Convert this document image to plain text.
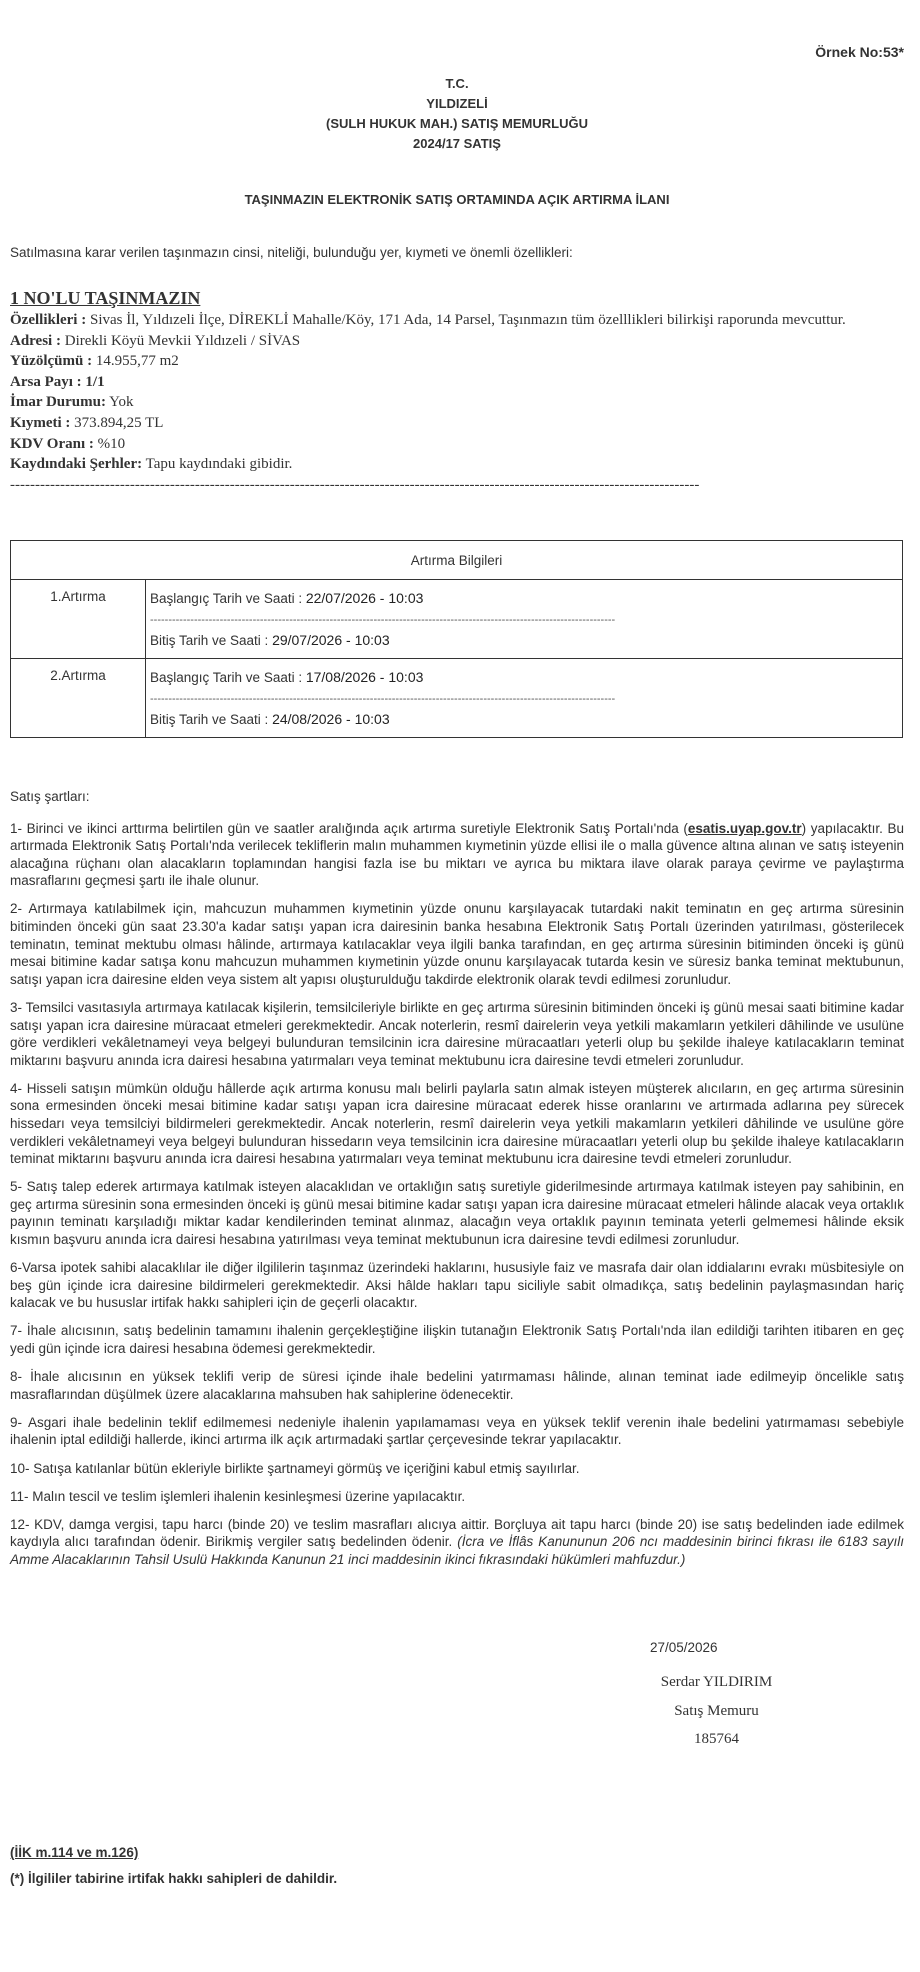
Örnek No:53*
T.C.
YILDIZELİ
(SULH HUKUK MAH.) SATIŞ MEMURLUĞU
2024/17 SATIŞ
TAŞINMAZIN ELEKTRONİK SATIŞ ORTAMINDA AÇIK ARTIRMA İLANI
Satılmasına karar verilen taşınmazın cinsi, niteliği, bulunduğu yer, kıymeti ve önemli özellikleri:
1 NO'LU TAŞINMAZIN
Özellikleri : Sivas İl, Yıldızeli İlçe, DİREKLİ Mahalle/Köy, 171 Ada, 14 Parsel, Taşınmazın tüm özelllikleri bilirkişi raporunda mevcuttur.
Adresi : Direkli Köyü Mevkii Yıldızeli / SİVAS
Yüzölçümü : 14.955,77 m2
Arsa Payı : 1/1
İmar Durumu: Yok
Kıymeti : 373.894,25 TL
KDV Oranı : %10
Kaydındaki Şerhler: Tapu kaydındaki gibidir.
------------------------------------------------------------------------------------------------------------------------------------------
Artırma Bilgileri	
1.Artırma	Başlangıç Tarih ve Saati : 22/07/2026 - 10:03
-------------------------------------------------------------------------------------------------------------------------------
Bitiş Tarih ve Saati : 29/07/2026 - 10:03

2.Artırma	Başlangıç Tarih ve Saati : 17/08/2026 - 10:03
-------------------------------------------------------------------------------------------------------------------------------
Bitiş Tarih ve Saati : 24/08/2026 - 10:03

Satış şartları:

1- Birinci ve ikinci arttırma belirtilen gün ve saatler aralığında açık artırma suretiyle Elektronik Satış Portalı'nda (esatis.uyap.gov.tr) yapılacaktır. Bu artırmada Elektronik Satış Portalı'nda verilecek tekliflerin malın muhammen kıymetinin yüzde ellisi ile o malla güvence altına alınan ve satış isteyenin alacağına rüçhanı olan alacakların toplamından hangisi fazla ise bu miktarı ve ayrıca bu miktara ilave olarak paraya çevirme ve paylaştırma masraflarını geçmesi şartı ile ihale olunur.

2- Artırmaya katılabilmek için, mahcuzun muhammen kıymetinin yüzde onunu karşılayacak tutardaki nakit teminatın en geç artırma süresinin bitiminden önceki gün saat 23.30'a kadar satışı yapan icra dairesinin banka hesabına Elektronik Satış Portalı üzerinden yatırılması, gösterilecek teminatın, teminat mektubu olması hâlinde, artırmaya katılacaklar veya ilgili banka tarafından, en geç artırma süresinin bitiminden önceki iş günü mesai bitimine kadar satışa konu mahcuzun muhammen kıymetinin yüzde onunu karşılayacak tutarda kesin ve süresiz banka teminat mektubunun, satışı yapan icra dairesine elden veya sistem alt yapısı oluşturulduğu takdirde elektronik olarak tevdi edilmesi zorunludur.

3- Temsilci vasıtasıyla artırmaya katılacak kişilerin, temsilcileriyle birlikte en geç artırma süresinin bitiminden önceki iş günü mesai saati bitimine kadar satışı yapan icra dairesine müracaat etmeleri gerekmektedir. Ancak noterlerin, resmî dairelerin veya yetkili makamların yetkileri dâhilinde ve usulüne göre verdikleri vekâletnameyi veya belgeyi bulunduran temsilcinin icra dairesine müracaatları yeterli olup bu şekilde ihaleye katılacakların teminat miktarını başvuru anında icra dairesi hesabına yatırmaları veya teminat mektubunu icra dairesine tevdi etmeleri zorunludur.

4- Hisseli satışın mümkün olduğu hâllerde açık artırma konusu malı belirli paylarla satın almak isteyen müşterek alıcıların, en geç artırma süresinin sona ermesinden önceki mesai bitimine kadar satışı yapan icra dairesine müracaat ederek hisse oranlarını ve artırmada adlarına pey sürecek hissedarı veya temsilciyi bildirmeleri gerekmektedir. Ancak noterlerin, resmî dairelerin veya yetkili makamların yetkileri dâhilinde ve usulüne göre verdikleri vekâletnameyi veya belgeyi bulunduran hissedarın veya temsilcinin icra dairesine müracaatları yeterli olup bu şekilde ihaleye katılacakların teminat miktarını başvuru anında icra dairesi hesabına yatırmaları veya teminat mektubunu icra dairesine tevdi etmeleri zorunludur.

5- Satış talep ederek artırmaya katılmak isteyen alacaklıdan ve ortaklığın satış suretiyle giderilmesinde artırmaya katılmak isteyen pay sahibinin, en geç artırma süresinin sona ermesinden önceki iş günü mesai bitimine kadar satışı yapan icra dairesine müracaat etmeleri hâlinde alacak veya ortaklık payının teminatı karşıladığı miktar kadar kendilerinden teminat alınmaz, alacağın veya ortaklık payının teminata yeterli gelmemesi hâlinde eksik kısmın başvuru anında icra dairesi hesabına yatırılması veya teminat mektubunun icra dairesine tevdi edilmesi zorunludur.

6-Varsa ipotek sahibi alacaklılar ile diğer ilgililerin taşınmaz üzerindeki haklarını, hususiyle faiz ve masrafa dair olan iddialarını evrakı müsbitesiyle on beş gün içinde icra dairesine bildirmeleri gerekmektedir. Aksi hâlde hakları tapu siciliyle sabit olmadıkça, satış bedelinin paylaşmasından hariç kalacak ve bu hususlar irtifak hakkı sahipleri için de geçerli olacaktır.

7- İhale alıcısının, satış bedelinin tamamını ihalenin gerçekleştiğine ilişkin tutanağın Elektronik Satış Portalı'nda ilan edildiği tarihten itibaren en geç yedi gün içinde icra dairesi hesabına ödemesi gerekmektedir.

8- İhale alıcısının en yüksek teklifi verip de süresi içinde ihale bedelini yatırmaması hâlinde, alınan teminat iade edilmeyip öncelikle satış masraflarından düşülmek üzere alacaklarına mahsuben hak sahiplerine ödenecektir.

9- Asgari ihale bedelinin teklif edilmemesi nedeniyle ihalenin yapılamaması veya en yüksek teklif verenin ihale bedelini yatırmaması sebebiyle ihalenin iptal edildiği hallerde, ikinci artırma ilk açık artırmadaki şartlar çerçevesinde tekrar yapılacaktır.

10- Satışa katılanlar bütün ekleriyle birlikte şartnameyi görmüş ve içeriğini kabul etmiş sayılırlar.

11- Malın tescil ve teslim işlemleri ihalenin kesinleşmesi üzerine yapılacaktır.

12- KDV, damga vergisi, tapu harcı (binde 20) ve teslim masrafları alıcıya aittir. Borçluya ait tapu harcı (binde 20) ise satış bedelinden iade edilmek kaydıyla alıcı tarafından ödenir. Birikmiş vergiler satış bedelinden ödenir. (İcra ve İflâs Kanununun 206 ncı maddesinin birinci fıkrası ile 6183 sayılı Amme Alacaklarının Tahsil Usulü Hakkında Kanunun 21 inci maddesinin ikinci fıkrasındaki hükümleri mahfuzdur.)

27/05/2026
Serdar YILDIRIM
Satış Memuru
185764
(İİK m.114 ve m.126)
(*) İlgililer tabirine irtifak hakkı sahipleri de dahildir.
